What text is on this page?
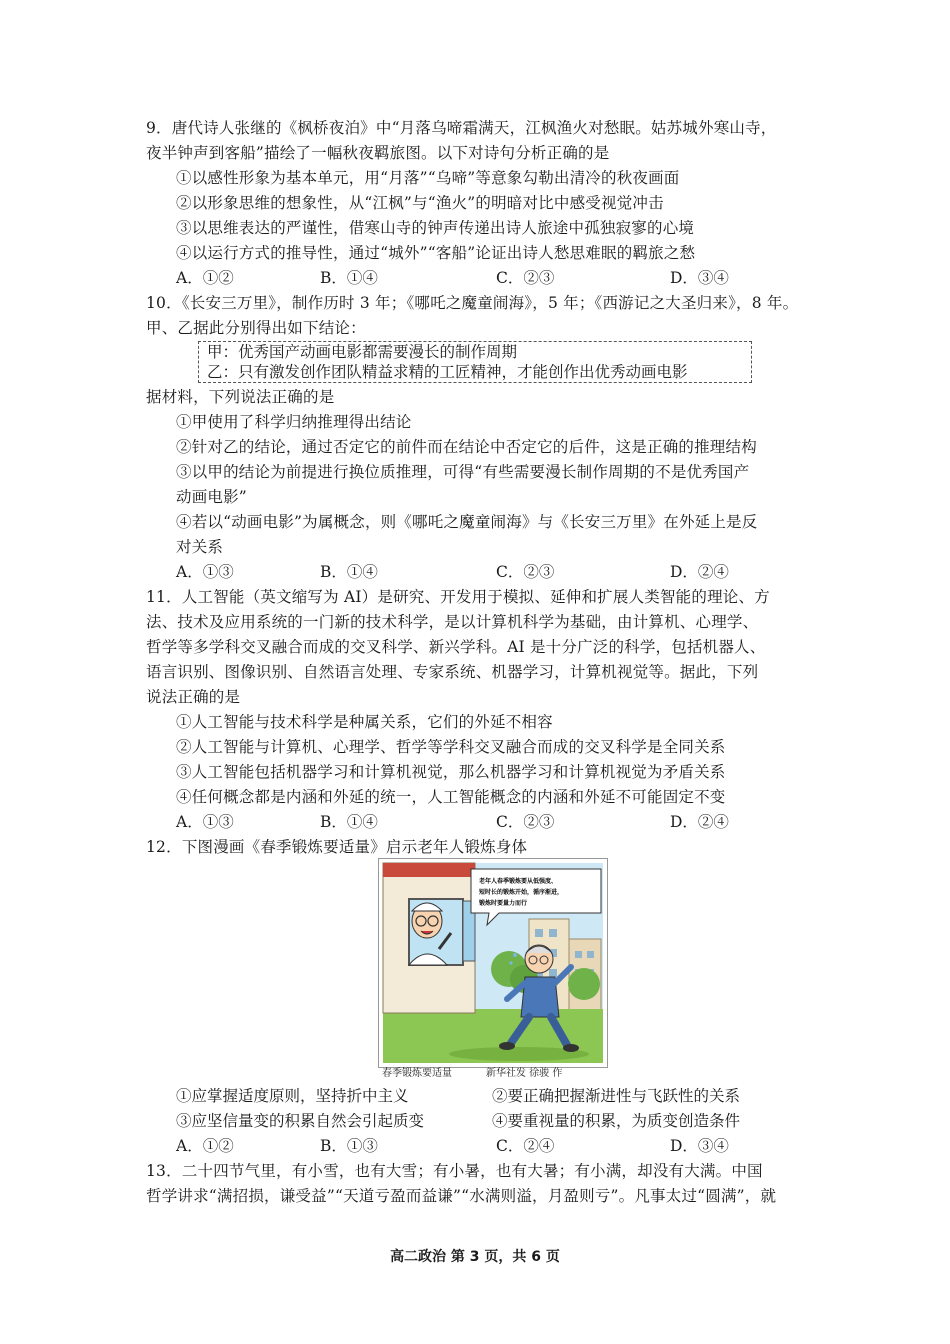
9．唐代诗人张继的《枫桥夜泊》中“月落乌啼霜满天，江枫渔火对愁眠。姑苏城外寒山寺，
夜半钟声到客船”描绘了一幅秋夜羁旅图。以下对诗句分析正确的是
①以感性形象为基本单元，用“月落”“乌啼”等意象勾勒出清冷的秋夜画面
②以形象思维的想象性，从“江枫”与“渔火”的明暗对比中感受视觉冲击
③以思维表达的严谨性，借寒山寺的钟声传递出诗人旅途中孤独寂寥的心境
④以运行方式的推导性，通过“城外”“客船”论证出诗人愁思难眠的羁旅之愁
A．①②	B．①④	C．②③	D．③④
10．《长安三万里》，制作历时 3 年；《哪吒之魔童闹海》，5 年；《西游记之大圣归来》，8 年。
甲、乙据此分别得出如下结论：
甲：优秀国产动画电影都需要漫长的制作周期
乙：只有激发创作团队精益求精的工匠精神，才能创作出优秀动画电影
据材料，下列说法正确的是
①甲使用了科学归纳推理得出结论
②针对乙的结论，通过否定它的前件而在结论中否定它的后件，这是正确的推理结构
③以甲的结论为前提进行换位质推理，可得“有些需要漫长制作周期的不是优秀国产
动画电影”
④若以“动画电影”为属概念，则《哪吒之魔童闹海》与《长安三万里》在外延上是反
对关系
A．①③	B．①④	C．②③	D．②④
11．人工智能（英文缩写为 AI）是研究、开发用于模拟、延伸和扩展人类智能的理论、方
法、技术及应用系统的一门新的技术科学，是以计算机科学为基础，由计算机、心理学、
哲学等多学科交叉融合而成的交叉科学、新兴学科。AI 是十分广泛的科学，包括机器人、
语言识别、图像识别、自然语言处理、专家系统、机器学习，计算机视觉等。据此，下列
说法正确的是
①人工智能与技术科学是种属关系，它们的外延不相容
②人工智能与计算机、心理学、哲学等学科交叉融合而成的交叉科学是全同关系
③人工智能包括机器学习和计算机视觉，那么机器学习和计算机视觉为矛盾关系
④任何概念都是内涵和外延的统一，人工智能概念的内涵和外延不可能固定不变
A．①③	B．①④	C．②③	D．②④
12．下图漫画《春季锻炼要适量》启示老年人锻炼身体
老年人春季锻炼要从低强度、
短时长的锻炼开始，循序渐进，
锻炼时要量力而行
春季锻炼要适量	新华社发 徐骏 作
①应掌握适度原则，坚持折中主义	②要正确把握渐进性与飞跃性的关系
③应坚信量变的积累自然会引起质变	④要重视量的积累，为质变创造条件
A．①②	B．①③	C．②④	D．③④
13．二十四节气里，有小雪，也有大雪；有小暑，也有大暑；有小满，却没有大满。中国
哲学讲求“满招损，谦受益”“天道亏盈而益谦”“水满则溢，月盈则亏”。凡事太过“圆满”，就
高二政治 第 3 页，共 6 页
